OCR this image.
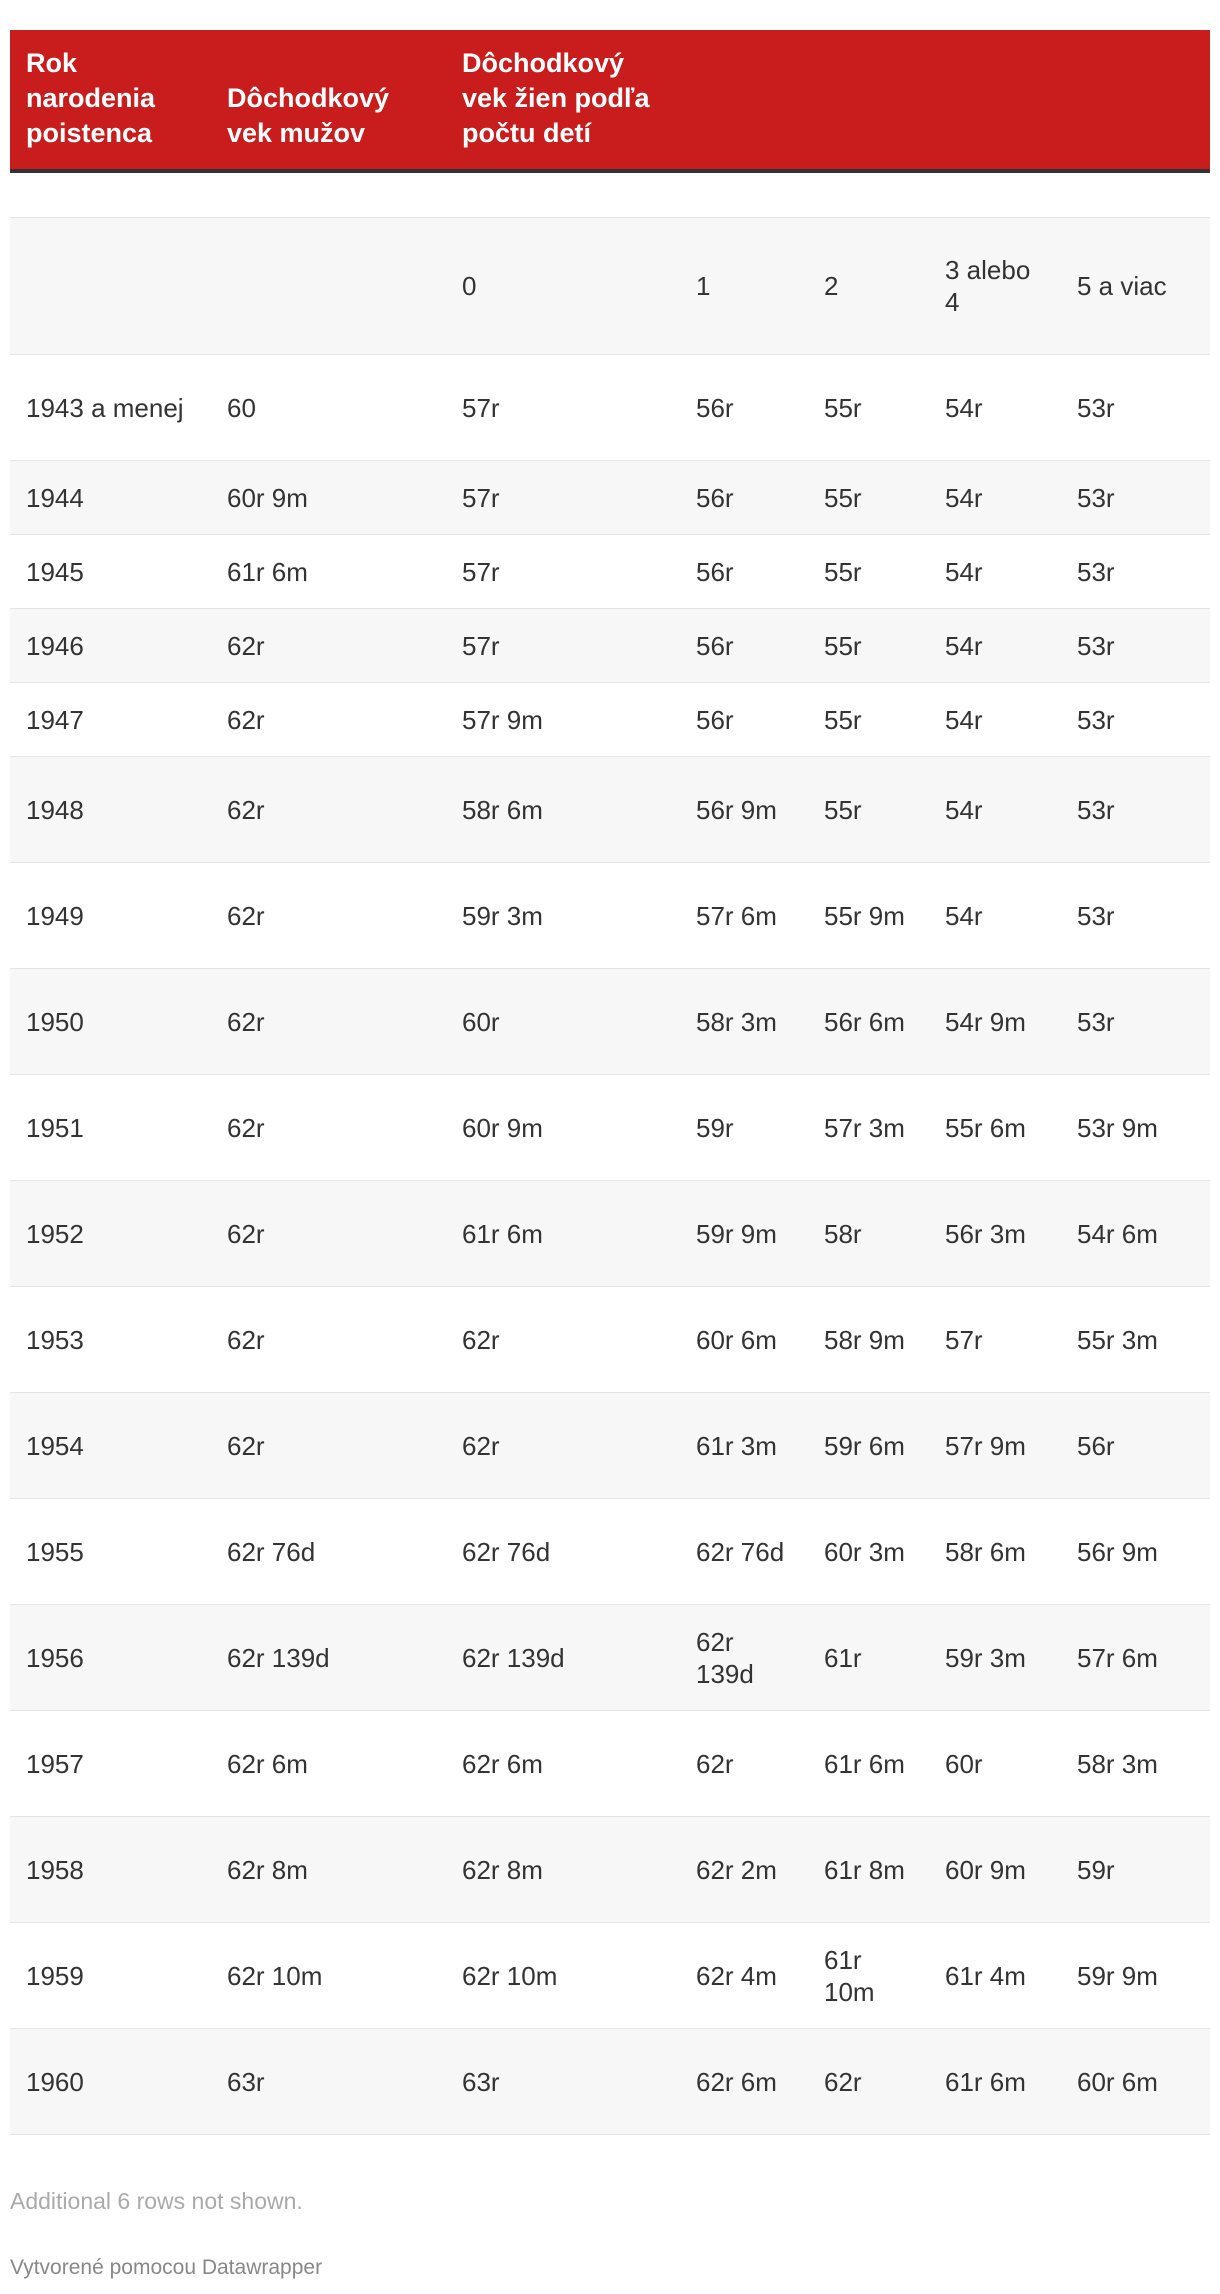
Rok narodenia poistenca	Dôchodkový vek mužov	Dôchodkový vek žien podľa počtu detí				

		0	1	2	3 alebo 4	5 a viac
1943 a menej	60	57r	56r	55r	54r	53r
1944	60r 9m	57r	56r	55r	54r	53r
1945	61r 6m	57r	56r	55r	54r	53r
1946	62r	57r	56r	55r	54r	53r
1947	62r	57r 9m	56r	55r	54r	53r
1948	62r	58r 6m	56r 9m	55r	54r	53r
1949	62r	59r 3m	57r 6m	55r 9m	54r	53r
1950	62r	60r	58r 3m	56r 6m	54r 9m	53r
1951	62r	60r 9m	59r	57r 3m	55r 6m	53r 9m
1952	62r	61r 6m	59r 9m	58r	56r 3m	54r 6m
1953	62r	62r	60r 6m	58r 9m	57r	55r 3m
1954	62r	62r	61r 3m	59r 6m	57r 9m	56r
1955	62r 76d	62r 76d	62r 76d	60r 3m	58r 6m	56r 9m
1956	62r 139d	62r 139d	62r 139d	61r	59r 3m	57r 6m
1957	62r 6m	62r 6m	62r	61r 6m	60r	58r 3m
1958	62r 8m	62r 8m	62r 2m	61r 8m	60r 9m	59r
1959	62r 10m	62r 10m	62r 4m	61r 10m	61r 4m	59r 9m
1960	63r	63r	62r 6m	62r	61r 6m	60r 6m
Additional 6 rows not shown.
Vytvorené pomocou Datawrapper
